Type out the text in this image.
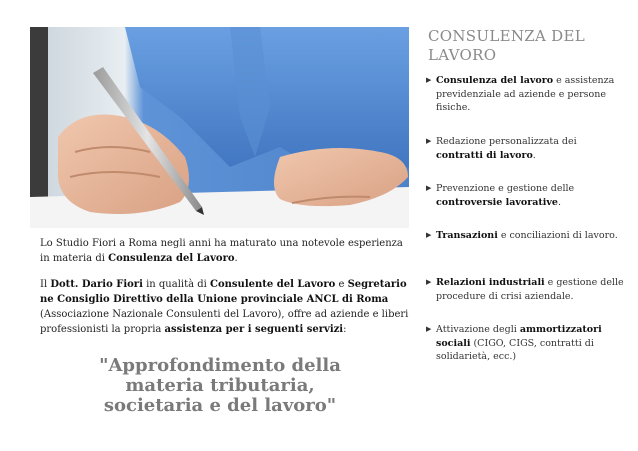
Lo Studio Fiori a Roma negli anni ha maturato una notevole esperienza in materia di Consulenza del Lavoro.

Il Dott. Dario Fiori in qualità di Consulente del Lavoro e Segretario ne Consiglio Direttivo della Unione provinciale ANCL di Roma (Associazione Nazionale Consulenti del Lavoro), offre ad aziende e liberi professionisti la propria assistenza per i seguenti servizi:

"Approfondimento della
materia tributaria,
societaria e del lavoro"
CONSULENZA DEL
LAVORO
▶ Consulenza del lavoro e assistenza previdenziale ad aziende e persone fisiche.
▶ Redazione personalizzata dei contratti di lavoro.
▶ Prevenzione e gestione delle controversie lavorative.
▶ Transazioni e conciliazioni di lavoro.
▶ Relazioni industriali e gestione delle procedure di crisi aziendale.
▶ Attivazione degli ammortizzatori sociali (CIGO, CIGS, contratti di solidarietà, ecc.)
